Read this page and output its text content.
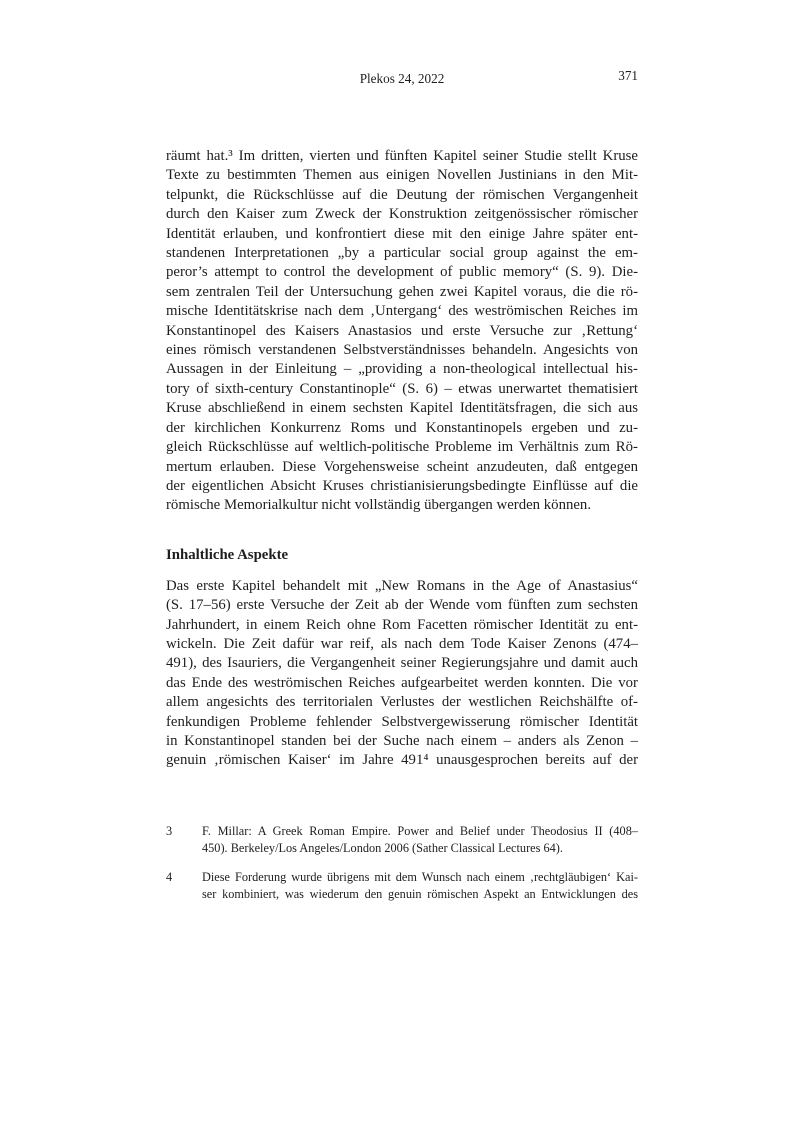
Plekos 24, 2022	371
räumt hat.³ Im dritten, vierten und fünften Kapitel seiner Studie stellt Kruse
Texte zu bestimmten Themen aus einigen Novellen Justinians in den Mit-
telpunkt, die Rückschlüsse auf die Deutung der römischen Vergangenheit
durch den Kaiser zum Zweck der Konstruktion zeitgenössischer römischer
Identität erlauben, und konfrontiert diese mit den einige Jahre später ent-
standenen Interpretationen „by a particular social group against the em-
peror’s attempt to control the development of public memory“ (S. 9). Die-
sem zentralen Teil der Untersuchung gehen zwei Kapitel voraus, die die rö-
mische Identitätskrise nach dem ‚Untergang‘ des weströmischen Reiches im
Konstantinopel des Kaisers Anastasios und erste Versuche zur ‚Rettung‘
eines römisch verstandenen Selbstverständnisses behandeln. Angesichts von
Aussagen in der Einleitung – „providing a non-theological intellectual his-
tory of sixth-century Constantinople“ (S. 6) – etwas unerwartet thematisiert
Kruse abschließend in einem sechsten Kapitel Identitätsfragen, die sich aus
der kirchlichen Konkurrenz Roms und Konstantinopels ergeben und zu-
gleich Rückschlüsse auf weltlich-politische Probleme im Verhältnis zum Rö-
mertum erlauben. Diese Vorgehensweise scheint anzudeuten, daß entgegen
der eigentlichen Absicht Kruses christianisierungsbedingte Einflüsse auf die
römische Memorialkultur nicht vollständig übergangen werden können.
Inhaltliche Aspekte
Das erste Kapitel behandelt mit „New Romans in the Age of Anastasius“
(S. 17–56) erste Versuche der Zeit ab der Wende vom fünften zum sechsten
Jahrhundert, in einem Reich ohne Rom Facetten römischer Identität zu ent-
wickeln. Die Zeit dafür war reif, als nach dem Tode Kaiser Zenons (474–
491), des Isauriers, die Vergangenheit seiner Regierungsjahre und damit auch
das Ende des weströmischen Reiches aufgearbeitet werden konnten. Die vor
allem angesichts des territorialen Verlustes der westlichen Reichshälfte of-
fenkundigen Probleme fehlender Selbstvergewisserung römischer Identität
in Konstantinopel standen bei der Suche nach einem – anders als Zenon –
genuin ‚römischen Kaiser‘ im Jahre 491⁴ unausgesprochen bereits auf der
3	F. Millar: A Greek Roman Empire. Power and Belief under Theodosius II (408–
450). Berkeley/Los Angeles/London 2006 (Sather Classical Lectures 64).
4	Diese Forderung wurde übrigens mit dem Wunsch nach einem ‚rechtgläubigen‘ Kai-
ser kombiniert, was wiederum den genuin römischen Aspekt an Entwicklungen des
